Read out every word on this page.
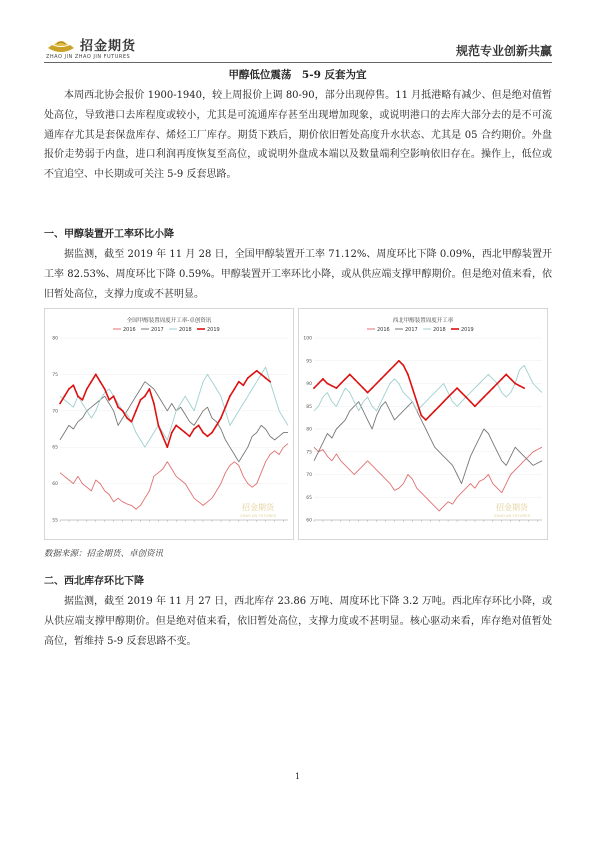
招金期货
ZHAO JIN ZHAO JIN FUTURES	规范专业创新共赢
甲醇低位震荡　5-9 反套为宜

本周西北协会报价 1900-1940，较上周报价上调 80-90，部分出现停售。11 月抵港略有减少、但是绝对值暂处高位，导致港口去库程度或较小，尤其是可流通库存甚至出现增加现象，或说明港口的去库大部分去的是不可流通库存尤其是套保盘库存、烯烃工厂库存。期货下跌后，期价依旧暂处高度升水状态、尤其是 05 合约期价。外盘报价走势弱于内盘，进口利润再度恢复至高位，或说明外盘成本端以及数量端利空影响依旧存在。操作上，低位或不宜追空、中长期或可关注 5-9 反套思路。

一、甲醇装置开工率环比小降

据监测，截至 2019 年 11 月 28 日，全国甲醇装置开工率 71.12%、周度环比下降 0.09%，西北甲醇装置开工率 82.53%、周度环比下降 0.59%。甲醇装置开工率环比小降，或从供应端支撑甲醇期价。但是绝对值来看，依旧暂处高位，支撑力度或不甚明显。

全国甲醇装置周度开工率-卓创资讯
2016	2017	2018	2019
80
75
70
65
60
55
招金期货
ZHAO JIN FUTURES
西北甲醇装置周度开工率
2016	2017	2018	2019
100
95
90
85
80
75
70
65
60
招金期货
ZHAO JIN FUTURES
数据来源：招金期货、卓创资讯
二、西北库存环比下降

据监测，截至 2019 年 11 月 27 日，西北库存 23.86 万吨、周度环比下降 3.2 万吨。西北库存环比小降，或从供应端支撑甲醇期价。但是绝对值来看，依旧暂处高位，支撑力度或不甚明显。核心驱动来看，库存绝对值暂处高位，暂维持 5-9 反套思路不变。

1
